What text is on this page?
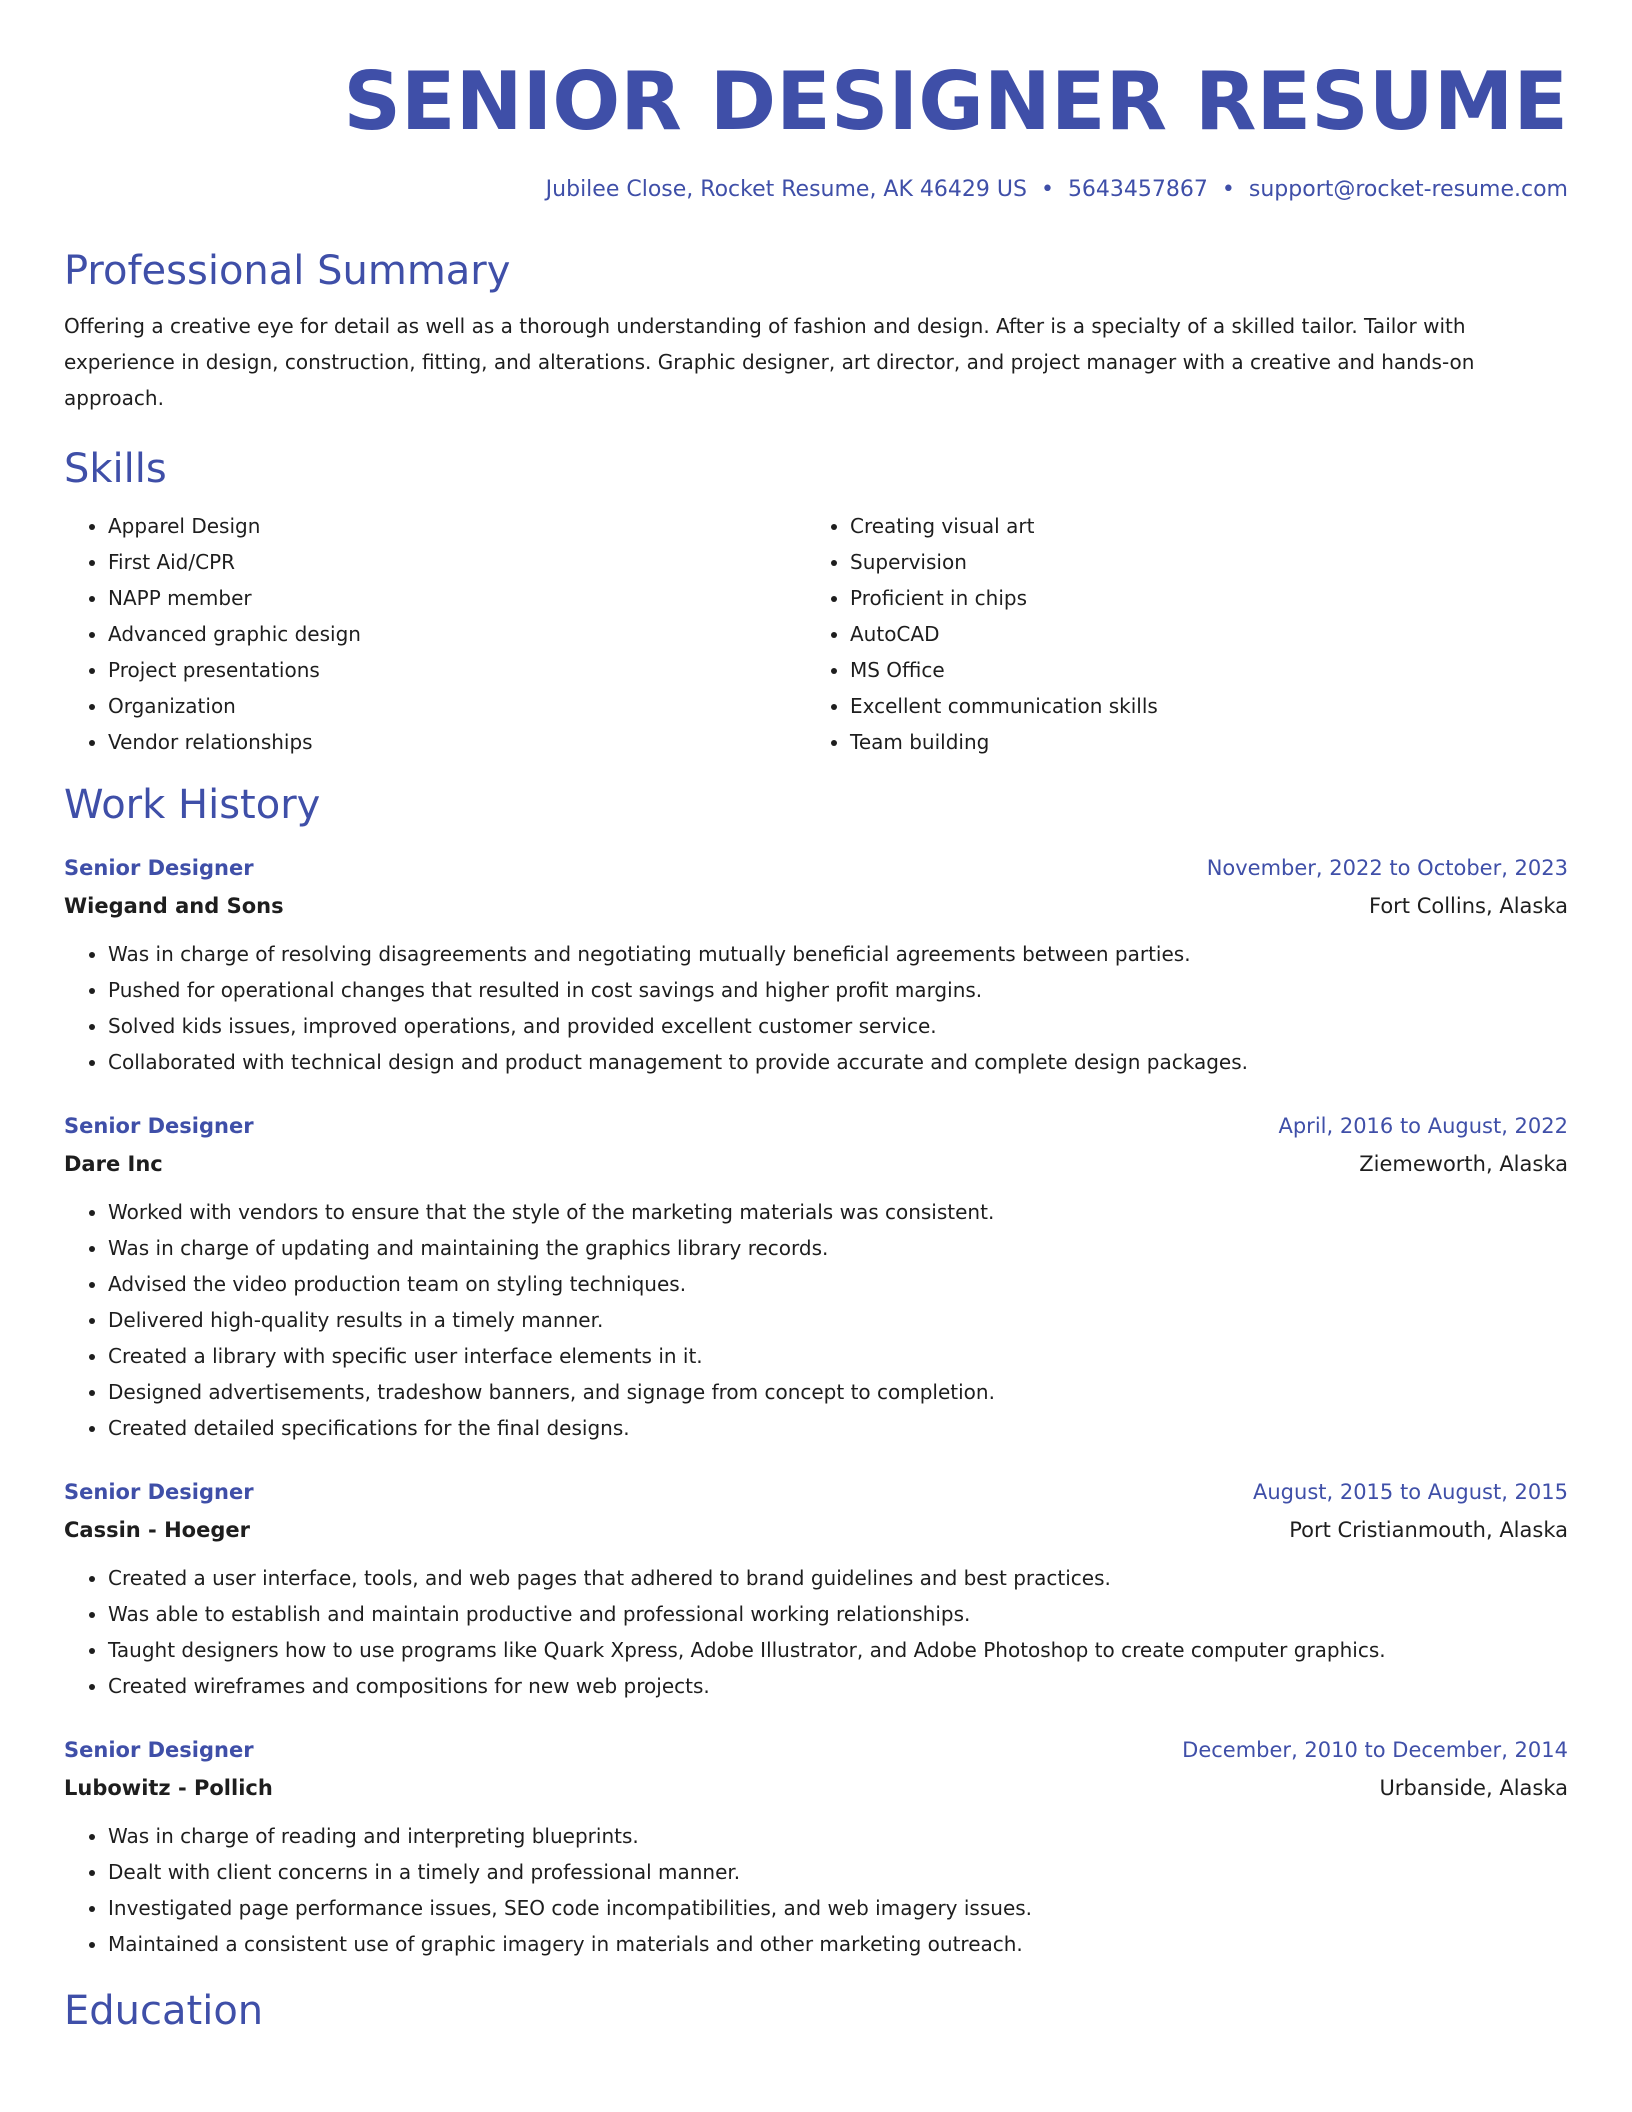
SENIOR DESIGNER RESUME
Jubilee Close, Rocket Resume, AK 46429 US • 5643457867 • support@rocket-resume.com
Professional Summary

Offering a creative eye for detail as well as a thorough understanding of fashion and design. After is a specialty of a skilled tailor. Tailor with experience in design, construction, fitting, and alterations. Graphic designer, art director, and project manager with a creative and hands-on approach.

Skills
• Apparel Design
• First Aid/CPR
• NAPP member
• Advanced graphic design
• Project presentations
• Organization
• Vendor relationships
• Creating visual art
• Supervision
• Proficient in chips
• AutoCAD
• MS Office
• Excellent communication skills
• Team building
Work History
Senior Designer	November, 2022 to October, 2023
Wiegand and Sons	Fort Collins, Alaska
• Was in charge of resolving disagreements and negotiating mutually beneficial agreements between parties.
• Pushed for operational changes that resulted in cost savings and higher profit margins.
• Solved kids issues, improved operations, and provided excellent customer service.
• Collaborated with technical design and product management to provide accurate and complete design packages.
Senior Designer	April, 2016 to August, 2022
Dare Inc	Ziemeworth, Alaska
• Worked with vendors to ensure that the style of the marketing materials was consistent.
• Was in charge of updating and maintaining the graphics library records.
• Advised the video production team on styling techniques.
• Delivered high-quality results in a timely manner.
• Created a library with specific user interface elements in it.
• Designed advertisements, tradeshow banners, and signage from concept to completion.
• Created detailed specifications for the final designs.
Senior Designer	August, 2015 to August, 2015
Cassin - Hoeger	Port Cristianmouth, Alaska
• Created a user interface, tools, and web pages that adhered to brand guidelines and best practices.
• Was able to establish and maintain productive and professional working relationships.
• Taught designers how to use programs like Quark Xpress, Adobe Illustrator, and Adobe Photoshop to create computer graphics.
• Created wireframes and compositions for new web projects.
Senior Designer	December, 2010 to December, 2014
Lubowitz - Pollich	Urbanside, Alaska
• Was in charge of reading and interpreting blueprints.
• Dealt with client concerns in a timely and professional manner.
• Investigated page performance issues, SEO code incompatibilities, and web imagery issues.
• Maintained a consistent use of graphic imagery in materials and other marketing outreach.
Education
